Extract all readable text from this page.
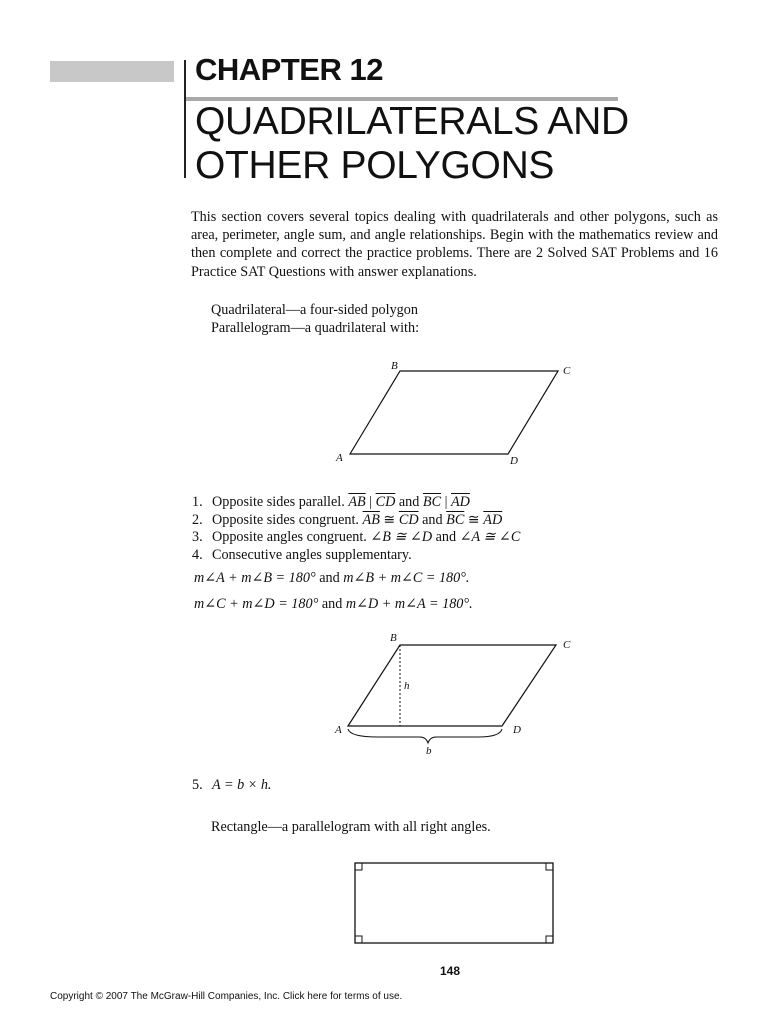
CHAPTER 12
QUADRILATERALS AND
OTHER POLYGONS
This section covers several topics dealing with quadrilaterals and other polygons, such as area, perimeter, angle sum, and angle relationships. Begin with the mathematics review and then complete and correct the practice problems. There are 2 Solved SAT Problems and 16 Practice SAT Questions with answer explanations.
Quadrilateral—a four-sided polygon
Parallelogram—a quadrilateral with:
B	C
A	D
B
C
A	D
h
b
1. Opposite sides parallel. $\overline{AB}$ | $\overline{CD}$ and $\overline{BC}$ | $\overline{AD}$
2. Opposite sides congruent. $\overline{AB}$ ≅ $\overline{CD}$ and $\overline{BC}$ ≅ $\overline{AD}$
3. Opposite angles congruent. ∠B ≅ ∠D and ∠A ≅ ∠C
4. Consecutive angles supplementary.
m∠A + m∠B = 180° and m∠B + m∠C = 180°.
m∠C + m∠D = 180° and m∠D + m∠A = 180°.
5. A = b × h.
Rectangle—a parallelogram with all right angles.
148
Copyright © 2007 The McGraw-Hill Companies, Inc. Click here for terms of use.
